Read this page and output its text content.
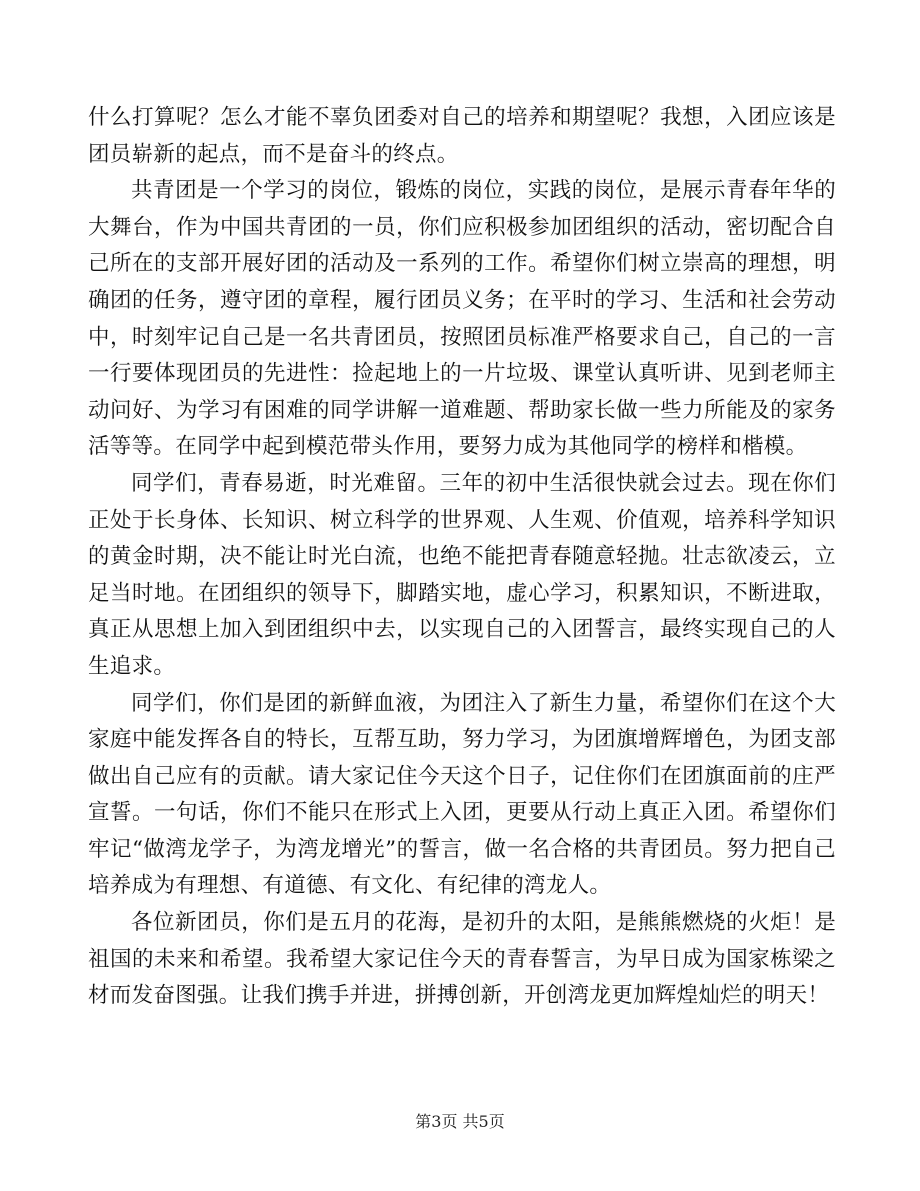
什么打算呢？怎么才能不辜负团委对自己的培养和期望呢？我想，入团应该是团员崭新的起点，而不是奋斗的终点。

共青团是一个学习的岗位，锻炼的岗位，实践的岗位，是展示青春年华的大舞台，作为中国共青团的一员，你们应积极参加团组织的活动，密切配合自己所在的支部开展好团的活动及一系列的工作。希望你们树立崇高的理想，明确团的任务，遵守团的章程，履行团员义务；在平时的学习、生活和社会劳动中，时刻牢记自己是一名共青团员，按照团员标准严格要求自己，自己的一言一行要体现团员的先进性：捡起地上的一片垃圾、课堂认真听讲、见到老师主动问好、为学习有困难的同学讲解一道难题、帮助家长做一些力所能及的家务活等等。在同学中起到模范带头作用，要努力成为其他同学的榜样和楷模。

同学们，青春易逝，时光难留。三年的初中生活很快就会过去。现在你们正处于长身体、长知识、树立科学的世界观、人生观、价值观，培养科学知识的黄金时期，决不能让时光白流，也绝不能把青春随意轻抛。壮志欲凌云，立足当时地。在团组织的领导下，脚踏实地，虚心学习，积累知识，不断进取，真正从思想上加入到团组织中去，以实现自己的入团誓言，最终实现自己的人生追求。

同学们，你们是团的新鲜血液，为团注入了新生力量，希望你们在这个大家庭中能发挥各自的特长，互帮互助，努力学习，为团旗增辉增色，为团支部做出自己应有的贡献。请大家记住今天这个日子，记住你们在团旗面前的庄严宣誓。一句话，你们不能只在形式上入团，更要从行动上真正入团。希望你们牢记“做湾龙学子，为湾龙增光”的誓言，做一名合格的共青团员。努力把自己培养成为有理想、有道德、有文化、有纪律的湾龙人。

各位新团员，你们是五月的花海，是初升的太阳，是熊熊燃烧的火炬！是祖国的未来和希望。我希望大家记住今天的青春誓言，为早日成为国家栋梁之材而发奋图强。让我们携手并进，拼搏创新，开创湾龙更加辉煌灿烂的明天！

第3页 共5页
